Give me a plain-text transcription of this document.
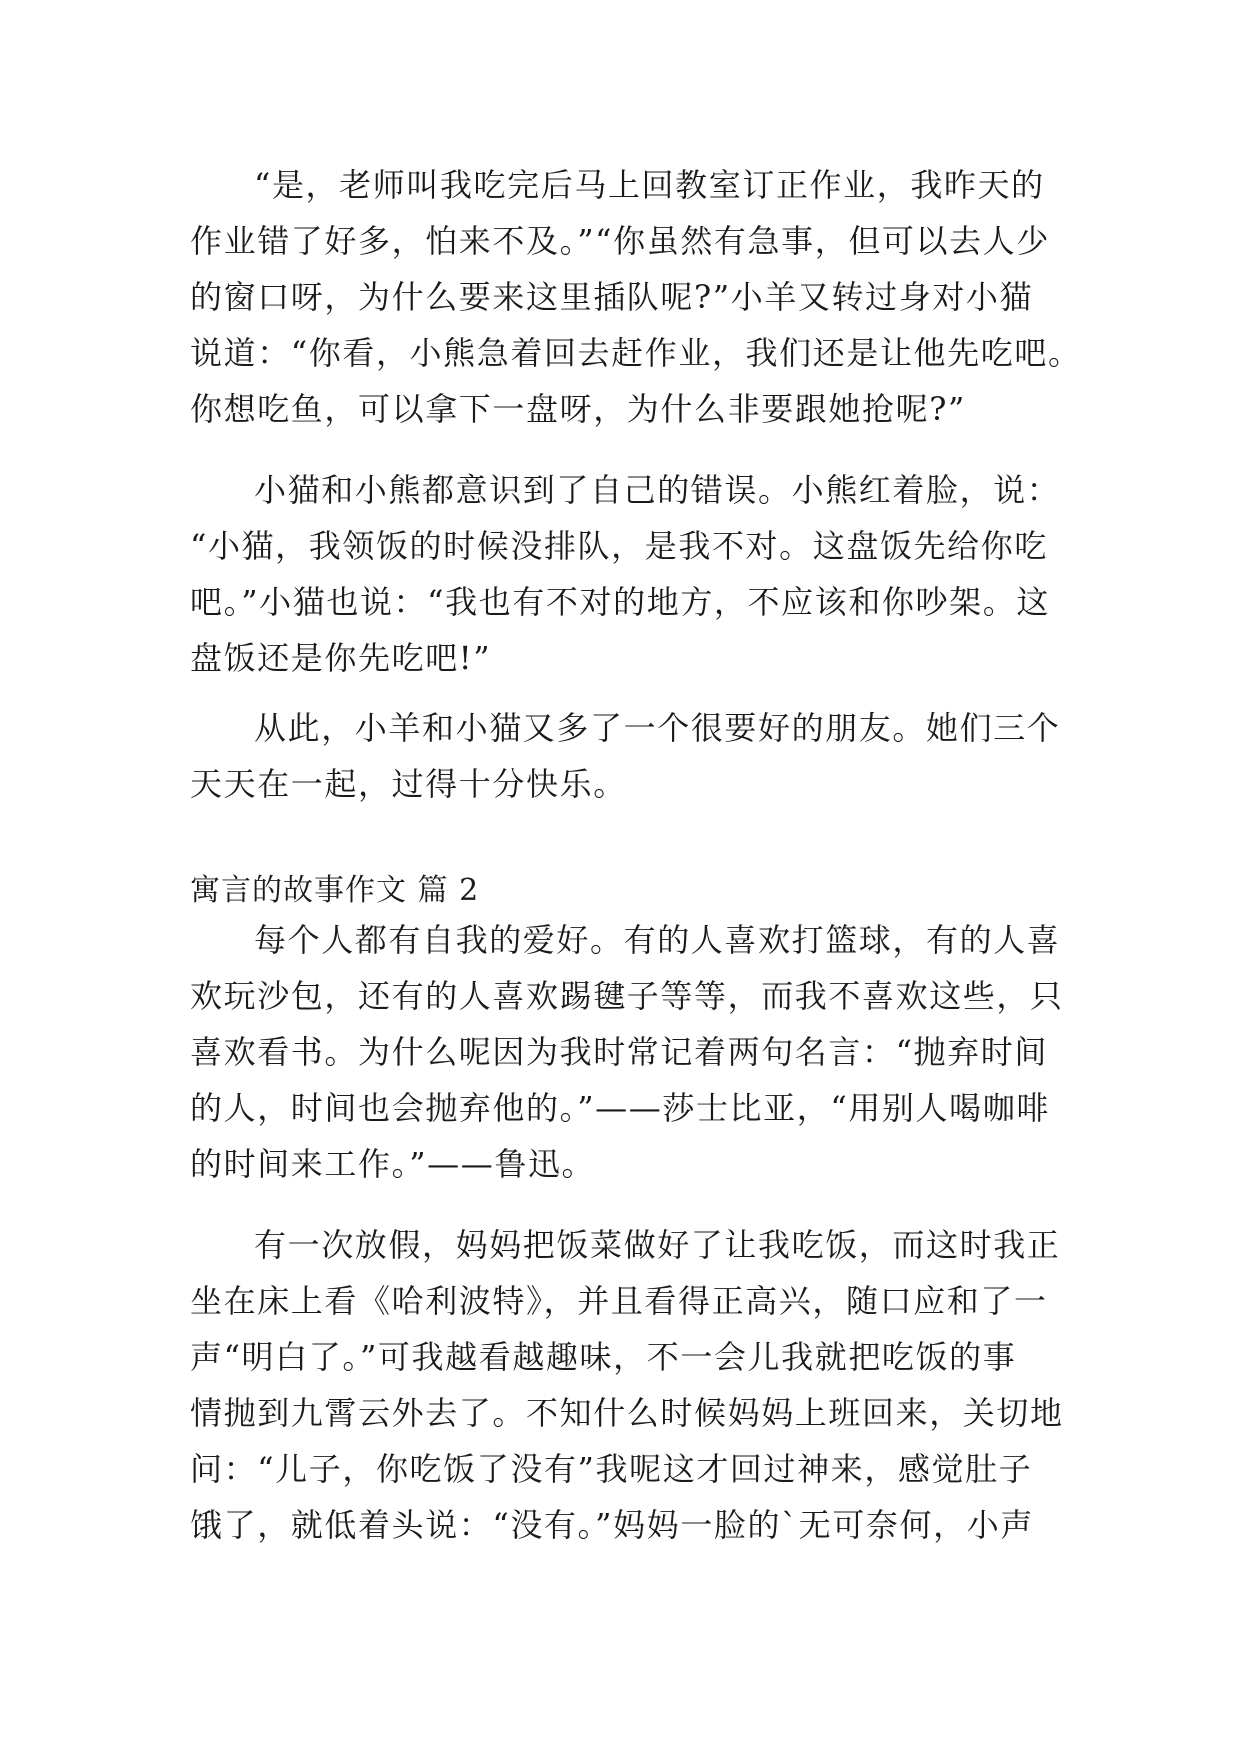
“是，老师叫我吃完后马上回教室订正作业，我昨天的
作业错了好多，怕来不及。”“你虽然有急事，但可以去人少
的窗口呀，为什么要来这里插队呢?”小羊又转过身对小猫
说道：“你看，小熊急着回去赶作业，我们还是让他先吃吧。
你想吃鱼，可以拿下一盘呀，为什么非要跟她抢呢?”
小猫和小熊都意识到了自己的错误。小熊红着脸，说：
“小猫，我领饭的时候没排队，是我不对。这盘饭先给你吃
吧。”小猫也说：“我也有不对的地方，不应该和你吵架。这
盘饭还是你先吃吧!”
从此，小羊和小猫又多了一个很要好的朋友。她们三个
天天在一起，过得十分快乐。
寓言的故事作文 篇 2
每个人都有自我的爱好。有的人喜欢打篮球，有的人喜
欢玩沙包，还有的人喜欢踢毽子等等，而我不喜欢这些，只
喜欢看书。为什么呢因为我时常记着两句名言：“抛弃时间
的人，时间也会抛弃他的。”——莎士比亚，“用别人喝咖啡
的时间来工作。”——鲁迅。
有一次放假，妈妈把饭菜做好了让我吃饭，而这时我正
坐在床上看《哈利波特》，并且看得正高兴，随口应和了一
声“明白了。”可我越看越趣味，不一会儿我就把吃饭的事
情抛到九霄云外去了。不知什么时候妈妈上班回来，关切地
问：“儿子，你吃饭了没有”我呢这才回过神来，感觉肚子
饿了，就低着头说：“没有。”妈妈一脸的`无可奈何，小声
